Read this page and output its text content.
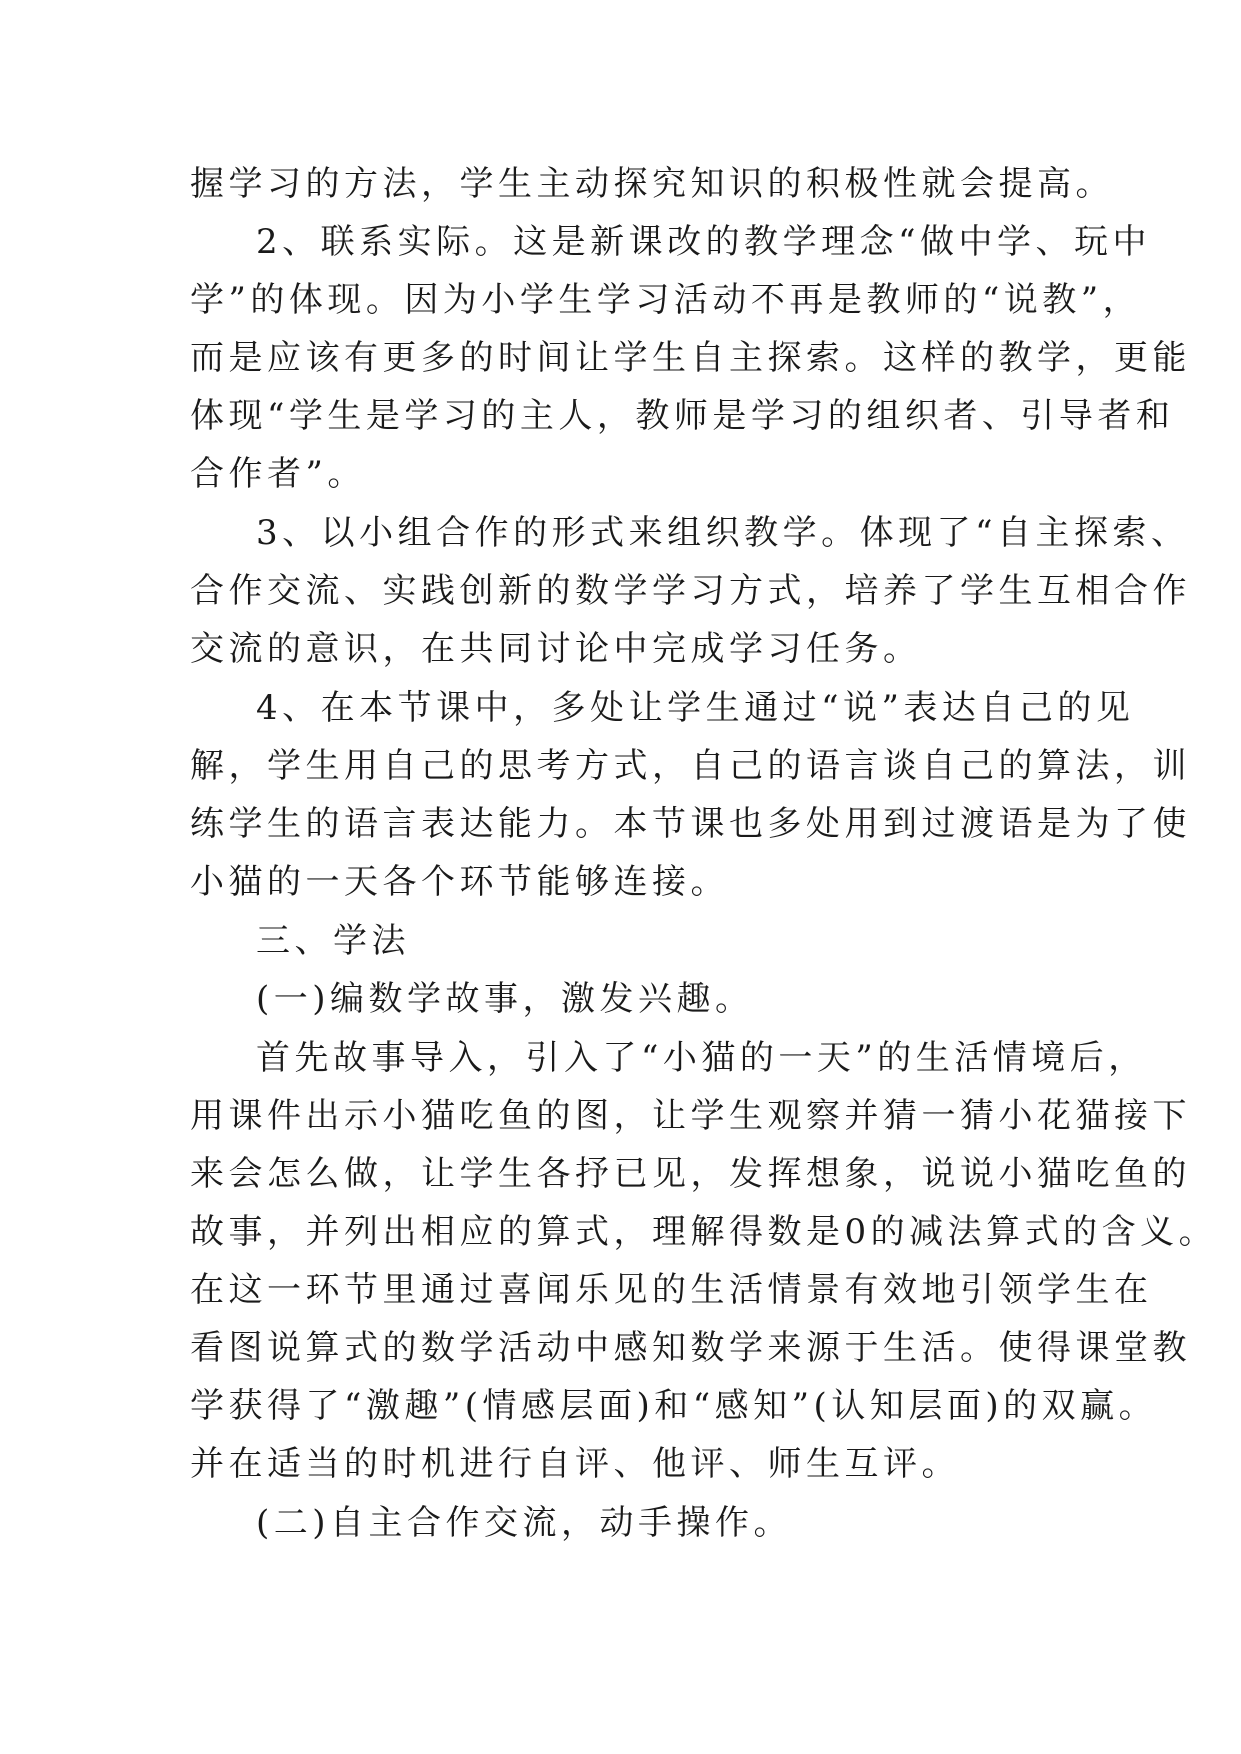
握学习的方法，学生主动探究知识的积极性就会提高。
2、联系实际。这是新课改的教学理念“做中学、玩中
学”的体现。因为小学生学习活动不再是教师的“说教”，
而是应该有更多的时间让学生自主探索。这样的教学，更能
体现“学生是学习的主人，教师是学习的组织者、引导者和
合作者”。
3、以小组合作的形式来组织教学。体现了“自主探索、
合作交流、实践创新的数学学习方式，培养了学生互相合作
交流的意识，在共同讨论中完成学习任务。
4、在本节课中，多处让学生通过“说”表达自己的见
解，学生用自己的思考方式，自己的语言谈自己的算法，训
练学生的语言表达能力。本节课也多处用到过渡语是为了使
小猫的一天各个环节能够连接。
三、学法
(一)编数学故事，激发兴趣。
首先故事导入，引入了“小猫的一天”的生活情境后，
用课件出示小猫吃鱼的图，让学生观察并猜一猜小花猫接下
来会怎么做，让学生各抒已见，发挥想象，说说小猫吃鱼的
故事，并列出相应的算式，理解得数是0的减法算式的含义。
在这一环节里通过喜闻乐见的生活情景有效地引领学生在
看图说算式的数学活动中感知数学来源于生活。使得课堂教
学获得了“激趣”(情感层面)和“感知”(认知层面)的双赢。
并在适当的时机进行自评、他评、师生互评。
(二)自主合作交流，动手操作。
